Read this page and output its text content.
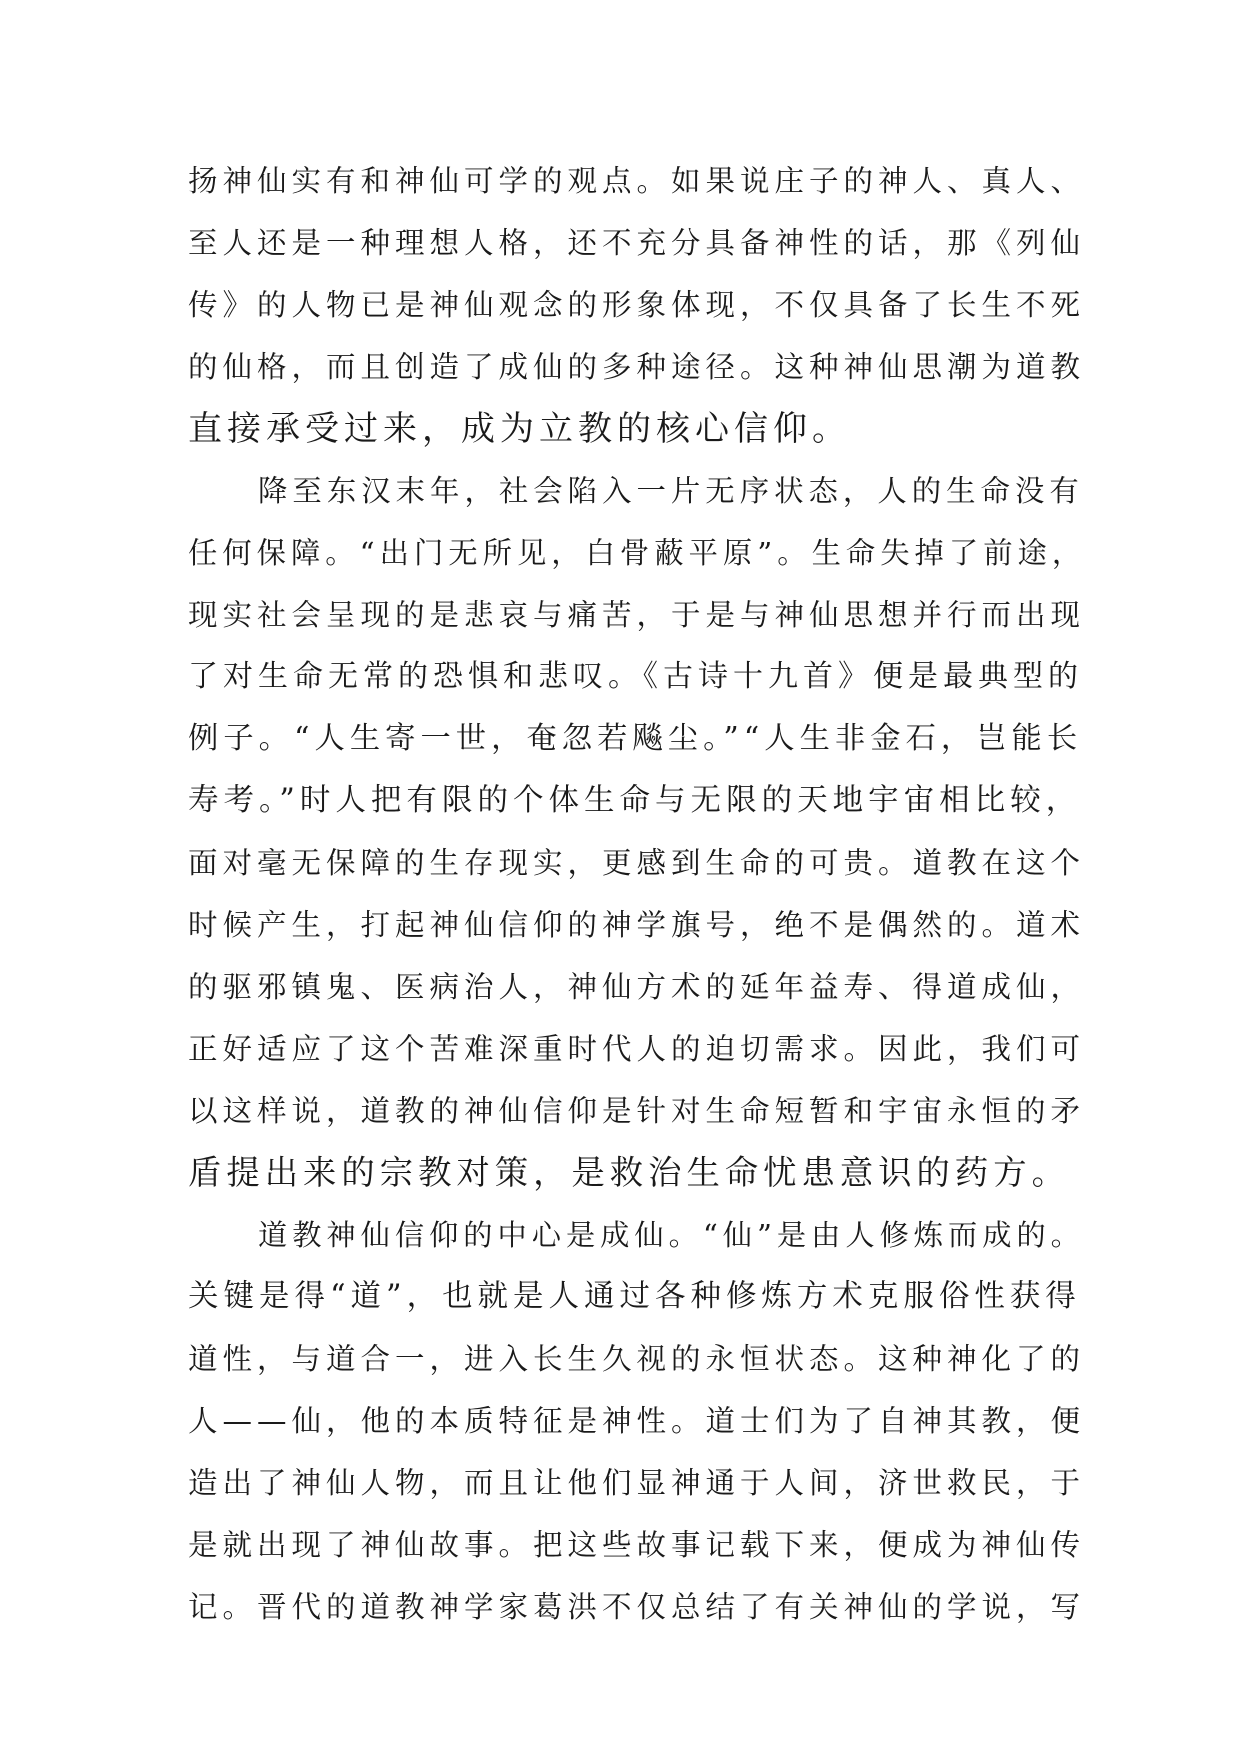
扬神仙实有和神仙可学的观点。如果说庄子的神人、真人、
至人还是一种理想人格，还不充分具备神性的话，那《列仙
传》的人物已是神仙观念的形象体现，不仅具备了长生不死
的仙格，而且创造了成仙的多种途径。这种神仙思潮为道教
直接承受过来，成为立教的核心信仰。
降至东汉末年，社会陷入一片无序状态，人的生命没有
任何保障。“出门无所见，白骨蔽平原”。生命失掉了前途，
现实社会呈现的是悲哀与痛苦，于是与神仙思想并行而出现
了对生命无常的恐惧和悲叹。《古诗十九首》便是最典型的
例子。“人生寄一世，奄忽若飚尘。”“人生非金石，岂能长
寿考。”时人把有限的个体生命与无限的天地宇宙相比较，
面对毫无保障的生存现实，更感到生命的可贵。道教在这个
时候产生，打起神仙信仰的神学旗号，绝不是偶然的。道术
的驱邪镇鬼、医病治人，神仙方术的延年益寿、得道成仙，
正好适应了这个苦难深重时代人的迫切需求。因此，我们可
以这样说，道教的神仙信仰是针对生命短暂和宇宙永恒的矛
盾提出来的宗教对策，是救治生命忧患意识的药方。
道教神仙信仰的中心是成仙。“仙”是由人修炼而成的。
关键是得“道”，也就是人通过各种修炼方术克服俗性获得
道性，与道合一，进入长生久视的永恒状态。这种神化了的
人——仙，他的本质特征是神性。道士们为了自神其教，便
造出了神仙人物，而且让他们显神通于人间，济世救民，于
是就出现了神仙故事。把这些故事记载下来，便成为神仙传
记。晋代的道教神学家葛洪不仅总结了有关神仙的学说，写
